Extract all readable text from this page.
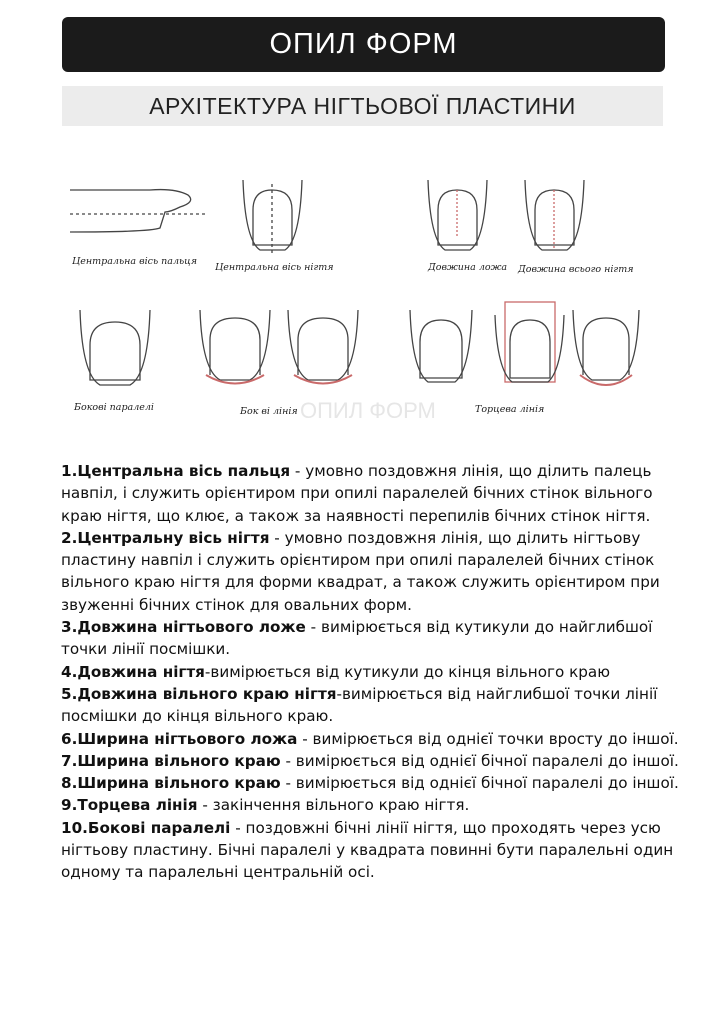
ОПИЛ ФОРМ
АРХІТЕКТУРА НІГТЬОВОЇ ПЛАСТИНИ
ОПИЛ ФОРМ
Центральна вісь пальця
Центральна вісь нігтя	Довжина ложа Довжина всього нігтя
Бокові паралелі	Бок ві лінія	Торцева лінія

1.Центральна вісь пальця - умовно поздовжня лінія, що ділить палець навпіл, і служить орієнтиром при опилі паралелей бічних стінок вільного краю нігтя, що клює, а також за наявності перепилів бічних стінок нігтя.

2.Центральну вісь нігтя - умовно поздовжня лінія, що ділить нігтьову пластину навпіл і служить орієнтиром при опилі паралелей бічних стінок вільного краю нігтя для форми квадрат, а також служить орієнтиром при звуженні бічних стінок для овальних форм.

3.Довжина нігтьового ложе - вимірюється від кутикули до найглибшої точки лінії посмішки.

4.Довжина нігтя-вимірюється від кутикули до кінця вільного краю

5.Довжина вільного краю нігтя-вимірюється від найглибшої точки лінії посмішки до кінця вільного краю.

6.Ширина нігтьового ложа - вимірюється від однієї точки вросту до іншої.

7.Ширина вільного краю - вимірюється від однієї бічної паралелі до іншої.

8.Ширина вільного краю - вимірюється від однієї бічної паралелі до іншої.

9.Торцева лінія - закінчення вільного краю нігтя.

10.Бокові паралелі - поздовжні бічні лінії нігтя, що проходять через усю нігтьову пластину. Бічні паралелі у квадрата повинні бути паралельні один одному та паралельні центральній осі.
